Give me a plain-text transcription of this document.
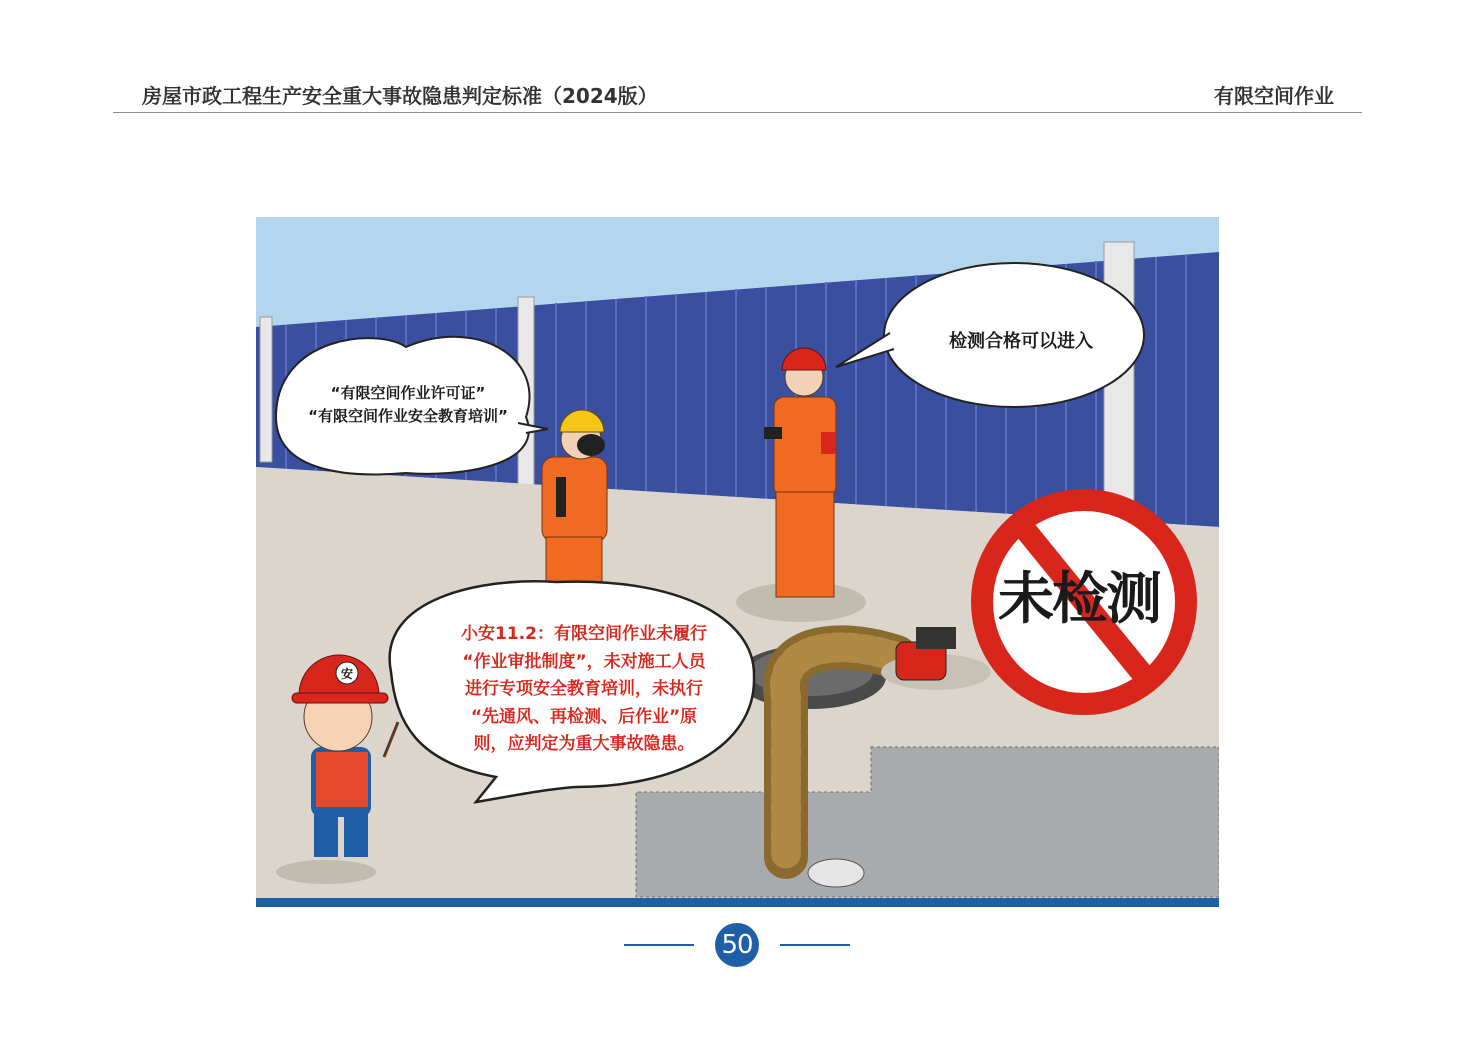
房屋市政工程生产安全重大事故隐患判定标准（2024版）	有限空间作业
安
“有限空间作业许可证”
“有限空间作业安全教育培训”
检测合格可以进入
小安11.2：有限空间作业未履行
“作业审批制度”，未对施工人员
进行专项安全教育培训，未执行
“先通风、再检测、后作业”原
则，应判定为重大事故隐患。
未检测
50
